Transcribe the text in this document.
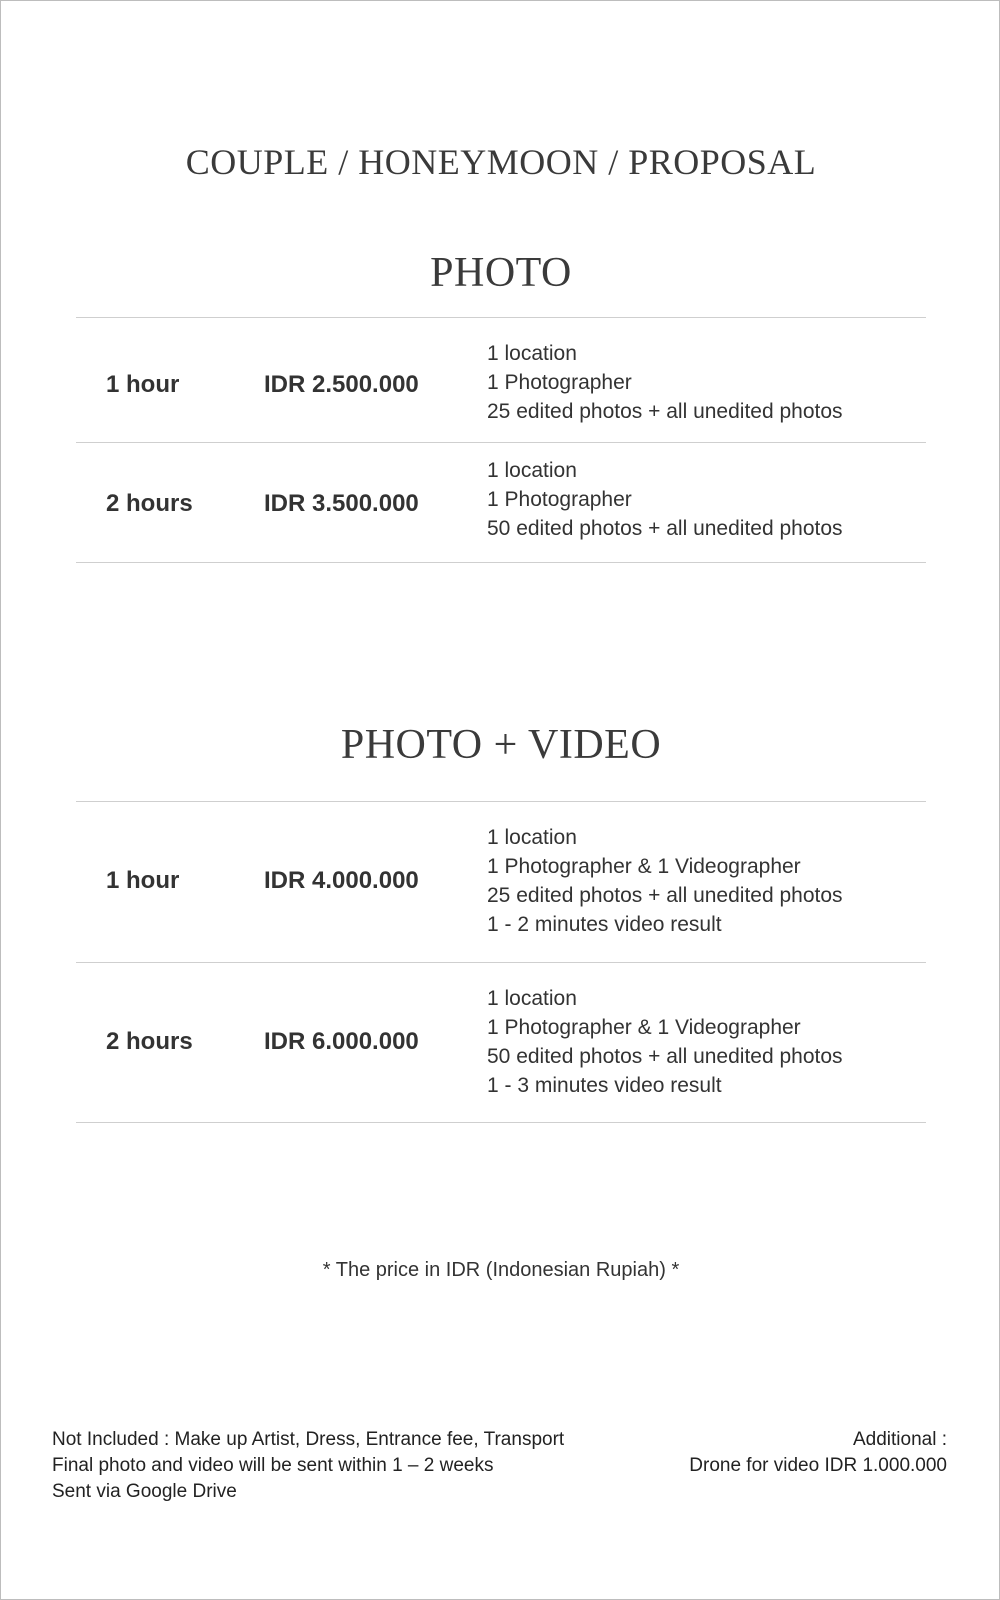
COUPLE / HONEYMOON / PROPOSAL
PHOTO
1 hour	IDR 2.500.000
1 location
1 Photographer
25 edited photos + all unedited photos
2 hours	IDR 3.500.000
1 location
1 Photographer
50 edited photos + all unedited photos
PHOTO + VIDEO
1 hour	IDR 4.000.000
1 location
1 Photographer & 1 Videographer
25 edited photos + all unedited photos
1 - 2 minutes video result
2 hours	IDR 6.000.000
1 location
1 Photographer & 1 Videographer
50 edited photos + all unedited photos
1 - 3 minutes video result
* The price in IDR (Indonesian Rupiah) *
Not Included : Make up Artist, Dress, Entrance fee, Transport
Final photo and video will be sent within 1 – 2 weeks
Sent via Google Drive
Additional :
Drone for video IDR 1.000.000
